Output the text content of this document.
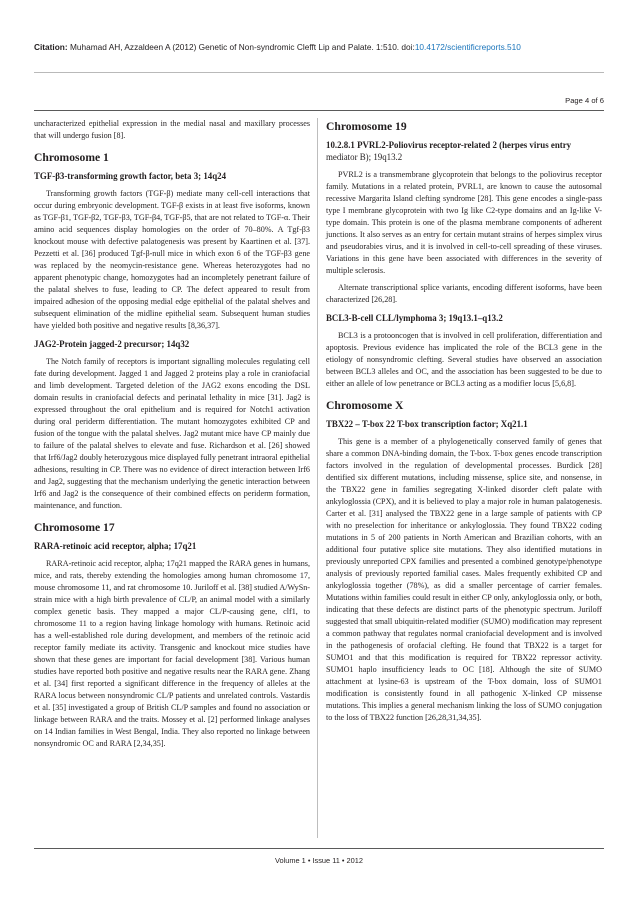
Citation: Muhamad AH, Azzaldeen A (2012) Genetic of Non-syndromic Clefft Lip and Palate. 1:510. doi:10.4172/scientificreports.510
Page 4 of 6

uncharacterized epithelial expression in the medial nasal and maxillary processes that will undergo fusion [8].

Chromosome 1
TGF-β3-transforming growth factor, beta 3; 14q24

Transforming growth factors (TGF-β) mediate many cell-cell interactions that occur during embryonic development. TGF-β exists in at least five isoforms, known as TGF-β1, TGF-β2, TGF-β3, TGF-β4, TGF-β5, that are not related to TGF-α. Their amino acid sequences display homologies on the order of 70–80%. A Tgf-β3 knockout mouse with defective palatogenesis was present by Kaartinen et al. [37]. Pezzetti et al. [36] produced Tgf-β-null mice in which exon 6 of the TGF-β3 gene was replaced by the neomycin-resistance gene. Whereas heterozygotes had no apparent phenotypic change, homozygotes had an incompletely penetrant failure of the palatal shelves to fuse, leading to CP. The defect appeared to result from impaired adhesion of the opposing medial edge epithelial of the palatal shelves and subsequent elimination of the midline epithelial seam. Subsequent human studies have yielded both positive and negative results [8,36,37].

JAG2-Protein jagged-2 precursor; 14q32

The Notch family of receptors is important signalling molecules regulating cell fate during development. Jagged 1 and Jagged 2 proteins play a role in craniofacial and limb development. Targeted deletion of the JAG2 exons encoding the DSL domain results in craniofacial defects and perinatal lethality in mice [31]. Jag2 is expressed throughout the oral epithelium and is required for Notch1 activation during oral periderm differentiation. The mutant homozygotes exhibited CP and fusion of the tongue with the palatal shelves. Jag2 mutant mice have CP mainly due to failure of the palatal shelves to elevate and fuse. Richardson et al. [26] showed that Irf6/Jag2 doubly heterozygous mice displayed fully penetrant intraoral epithelial adhesions, resulting in CP. There was no evidence of direct interaction between Irf6 and Jag2, suggesting that the mechanism underlying the genetic interaction between Irf6 and Jag2 is the consequence of their combined effects on periderm formation, maintenance, and function.

Chromosome 17
RARA-retinoic acid receptor, alpha; 17q21

RARA-retinoic acid receptor, alpha; 17q21 mapped the RARA genes in humans, mice, and rats, thereby extending the homologies among human chromosome 17, mouse chromosome 11, and rat chromosome 10. Juriloff et al. [38] studied A/WySn-strain mice with a high birth prevalence of CL/P, an animal model with a similarly complex genetic basis. They mapped a major CL/P-causing gene, clf1, to chromosome 11 to a region having linkage homology with humans. Retinoic acid has a well-established role during development, and members of the retinoic acid receptor family mediate its activity. Transgenic and knockout mice studies have shown that these genes are important for facial development [38]. Various human studies have reported both positive and negative results near the RARA gene. Zhang et al. [34] first reported a significant difference in the frequency of alleles at the RARA locus between nonsyndromic CL/P patients and unrelated controls. Vastardis et al. [35] investigated a group of British CL/P samples and found no association or linkage between RARA and the traits. Mossey et al. [2] performed linkage analyses on 14 Indian families in West Bengal, India. They also reported no linkage between nonsyndromic OC and RARA [2,34,35].

Chromosome 19
10.2.8.1 PVRL2-Poliovirus receptor-related 2 (herpes virus entry mediator B); 19q13.2

PVRL2 is a transmembrane glycoprotein that belongs to the poliovirus receptor family. Mutations in a related protein, PVRL1, are known to cause the autosomal recessive Margarita Island clefting syndrome [28]. This gene encodes a single-pass type I membrane glycoprotein with two Ig like C2-type domains and an Ig-like V-type domain. This protein is one of the plasma membrane components of adherent junctions. It also serves as an entry for certain mutant strains of herpes simplex virus and pseudorabies virus, and it is involved in cell-to-cell spreading of these viruses. Variations in this gene have been associated with differences in the severity of multiple sclerosis.

Alternate transcriptional splice variants, encoding different isoforms, have been characterized [26,28].

BCL3-B-cell CLL/lymphoma 3; 19q13.1–q13.2

BCL3 is a protooncogen that is involved in cell proliferation, differentiation and apoptosis. Previous evidence has implicated the role of the BCL3 gene in the etiology of nonsyndromic clefting. Several studies have observed an association between BCL3 alleles and OC, and the association has been suggested to be due to either an allele of low penetrance or BCL3 acting as a modifier locus [5,6,8].

Chromosome X
TBX22 – T-box 22 T-box transcription factor; Xq21.1

This gene is a member of a phylogenetically conserved family of genes that share a common DNA-binding domain, the T-box. T-box genes encode transcription factors involved in the regulation of developmental processes. Burdick [28] dentified six different mutations, including missense, splice site, and nonsense, in the TBX22 gene in families segregating X-linked disorder cleft palate with ankyloglossia (CPX), and it is believed to play a major role in human palatogenesis. Carter et al. [31] analysed the TBX22 gene in a large sample of patients with CP with no preselection for inheritance or ankyloglossia. They found TBX22 coding mutations in 5 of 200 patients in North American and Brazilian cohorts, with an additional four putative splice site mutations. They also identified mutations in previously unreported CPX families and presented a combined genotype/phenotype analysis of previously reported familial cases. Males frequently exhibited CP and ankyloglossia together (78%), as did a smaller percentage of carrier females. Mutations within families could result in either CP only, ankyloglossia only, or both, indicating that these defects are distinct parts of the phenotypic spectrum. Juriloff suggested that small ubiquitin-related modifier (SUMO) modification may represent a common pathway that regulates normal craniofacial development and is involved in the pathogenesis of orofacial clefting. He found that TBX22 is a target for SUMO1 and that this modification is required for TBX22 repressor activity. SUMO1 haplo insufficiency leads to OC [18]. Although the site of SUMO attachment at lysine-63 is upstream of the T-box domain, loss of SUMO1 modification is consistently found in all pathogenic X-linked CP missense mutations. This implies a general mechanism linking the loss of SUMO conjugation to the loss of TBX22 function [26,28,31,34,35].

Volume 1 • Issue 11 • 2012
